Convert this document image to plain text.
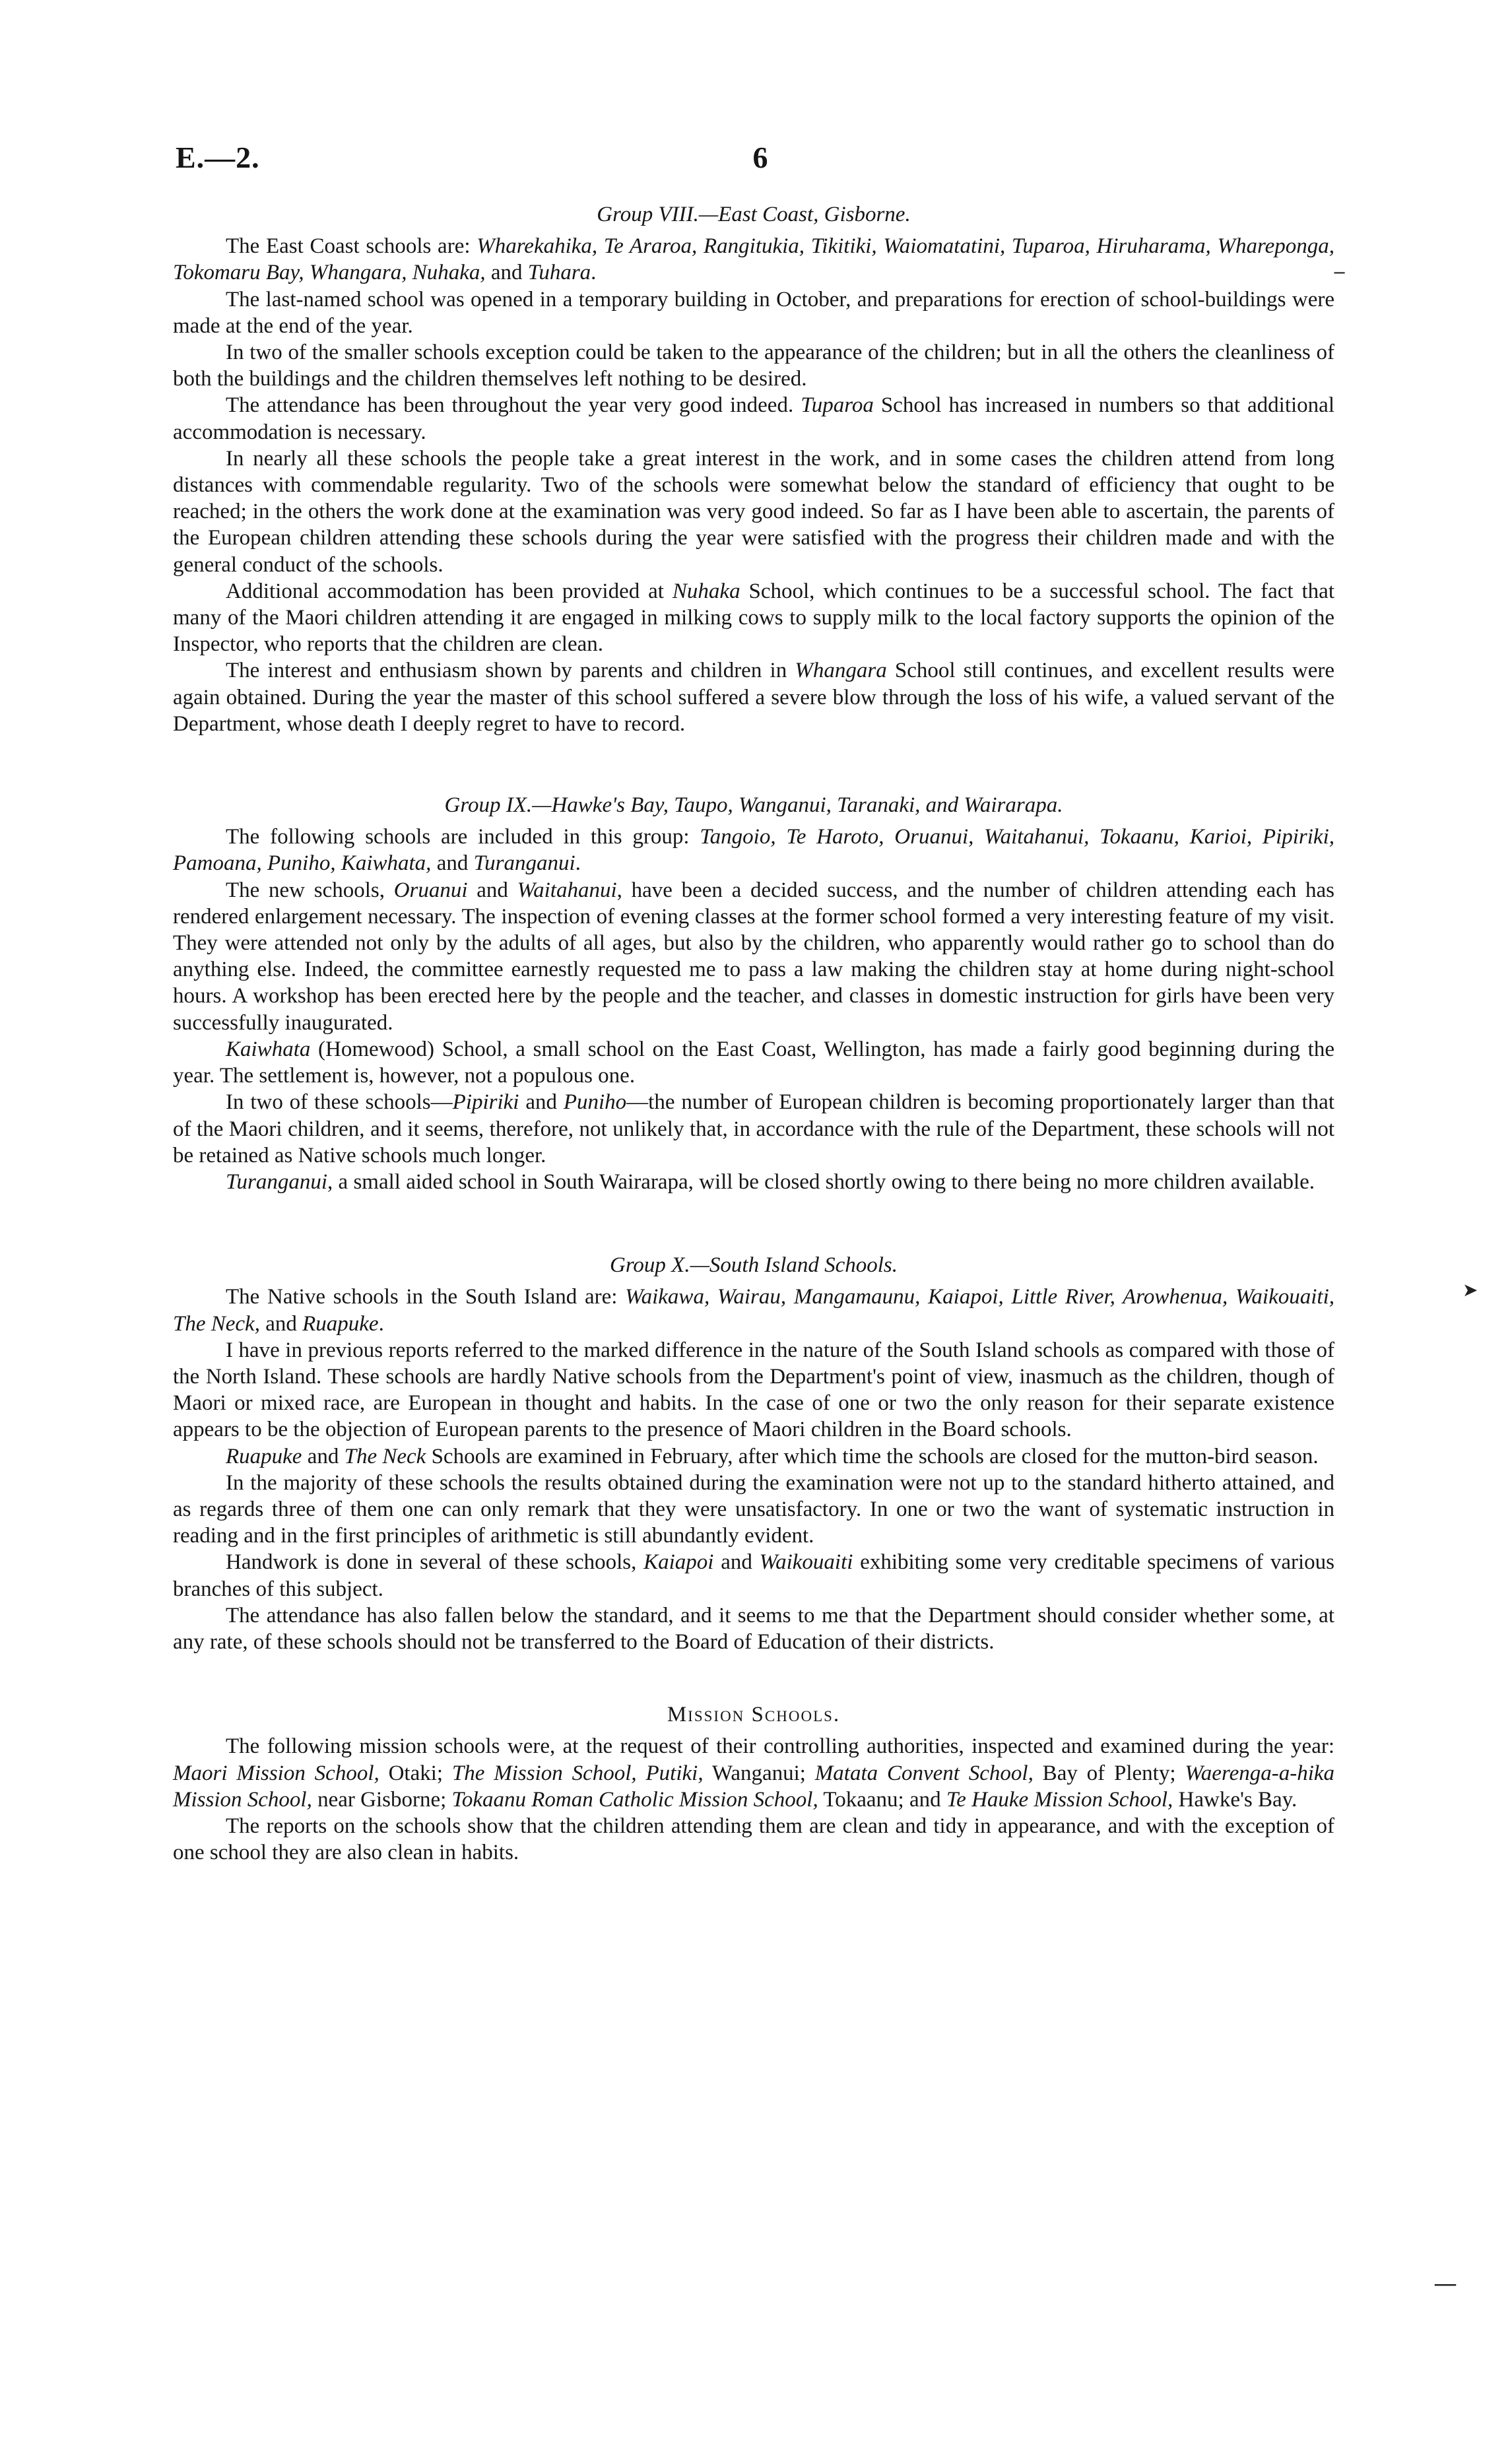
E.—2.	6
Group VIII.—East Coast, Gisborne.

The East Coast schools are: Wharekahika, Te Araroa, Rangitukia, Tikitiki, Waiomatatini, Tuparoa, Hiruharama, Whareponga, Tokomaru Bay, Whangara, Nuhaka, and Tuhara.

The last-named school was opened in a temporary building in October, and preparations for erection of school-buildings were made at the end of the year.

In two of the smaller schools exception could be taken to the appearance of the children; but in all the others the cleanliness of both the buildings and the children themselves left nothing to be desired.

The attendance has been throughout the year very good indeed. Tuparoa School has increased in numbers so that additional accommodation is necessary.

In nearly all these schools the people take a great interest in the work, and in some cases the children attend from long distances with commendable regularity. Two of the schools were somewhat below the standard of efficiency that ought to be reached; in the others the work done at the examination was very good indeed. So far as I have been able to ascertain, the parents of the European children attending these schools during the year were satisfied with the progress their children made and with the general conduct of the schools.

Additional accommodation has been provided at Nuhaka School, which continues to be a successful school. The fact that many of the Maori children attending it are engaged in milking cows to supply milk to the local factory supports the opinion of the Inspector, who reports that the children are clean.

The interest and enthusiasm shown by parents and children in Whangara School still continues, and excellent results were again obtained. During the year the master of this school suffered a severe blow through the loss of his wife, a valued servant of the Department, whose death I deeply regret to have to record.

Group IX.—Hawke's Bay, Taupo, Wanganui, Taranaki, and Wairarapa.

The following schools are included in this group: Tangoio, Te Haroto, Oruanui, Waitahanui, Tokaanu, Karioi, Pipiriki, Pamoana, Puniho, Kaiwhata, and Turanganui.

The new schools, Oruanui and Waitahanui, have been a decided success, and the number of children attending each has rendered enlargement necessary. The inspection of evening classes at the former school formed a very interesting feature of my visit. They were attended not only by the adults of all ages, but also by the children, who apparently would rather go to school than do anything else. Indeed, the committee earnestly requested me to pass a law making the children stay at home during night-school hours. A workshop has been erected here by the people and the teacher, and classes in domestic instruction for girls have been very successfully inaugurated.

Kaiwhata (Homewood) School, a small school on the East Coast, Wellington, has made a fairly good beginning during the year. The settlement is, however, not a populous one.

In two of these schools—Pipiriki and Puniho—the number of European children is becoming proportionately larger than that of the Maori children, and it seems, therefore, not unlikely that, in accordance with the rule of the Department, these schools will not be retained as Native schools much longer.

Turanganui, a small aided school in South Wairarapa, will be closed shortly owing to there being no more children available.

Group X.—South Island Schools.

The Native schools in the South Island are: Waikawa, Wairau, Mangamaunu, Kaiapoi, Little River, Arowhenua, Waikouaiti, The Neck, and Ruapuke.

I have in previous reports referred to the marked difference in the nature of the South Island schools as compared with those of the North Island. These schools are hardly Native schools from the Department's point of view, inasmuch as the children, though of Maori or mixed race, are European in thought and habits. In the case of one or two the only reason for their separate existence appears to be the objection of European parents to the presence of Maori children in the Board schools.

Ruapuke and The Neck Schools are examined in February, after which time the schools are closed for the mutton-bird season.

In the majority of these schools the results obtained during the examination were not up to the standard hitherto attained, and as regards three of them one can only remark that they were unsatisfactory. In one or two the want of systematic instruction in reading and in the first principles of arithmetic is still abundantly evident.

Handwork is done in several of these schools, Kaiapoi and Waikouaiti exhibiting some very creditable specimens of various branches of this subject.

The attendance has also fallen below the standard, and it seems to me that the Department should consider whether some, at any rate, of these schools should not be transferred to the Board of Education of their districts.

Mission Schools.

The following mission schools were, at the request of their controlling authorities, inspected and examined during the year: Maori Mission School, Otaki; The Mission School, Putiki, Wanganui; Matata Convent School, Bay of Plenty; Waerenga-a-hika Mission School, near Gisborne; Tokaanu Roman Catholic Mission School, Tokaanu; and Te Hauke Mission School, Hawke's Bay.

The reports on the schools show that the children attending them are clean and tidy in appearance, and with the exception of one school they are also clean in habits.

‒
➤
—
